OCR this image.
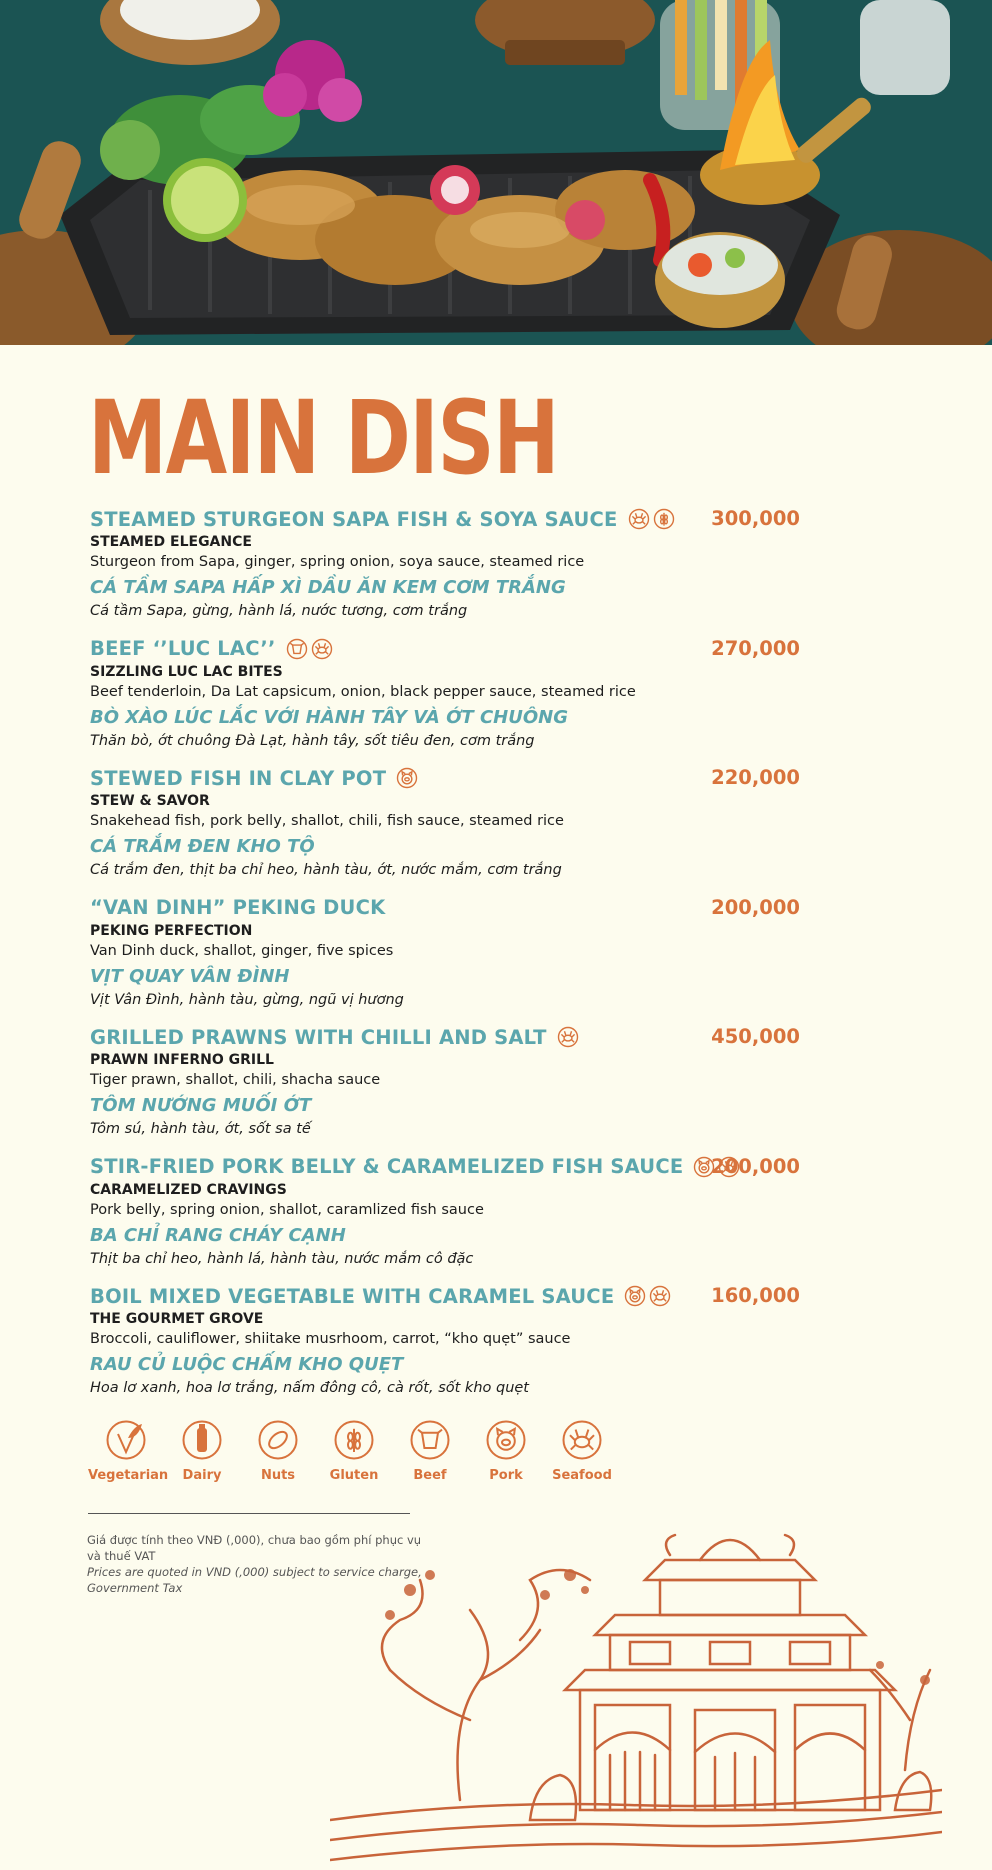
MAIN DISH
STEAMED STURGEON SAPA FISH & SOYA SAUCE	300,000
STEAMED ELEGANCE
Sturgeon from Sapa, ginger, spring onion, soya sauce, steamed rice
CÁ TẦM SAPA HẤP XÌ DẦU ĂN KEM CƠM TRẮNG
Cá tầm Sapa, gừng, hành lá, nước tương, cơm trắng
BEEF ‘’LUC LAC’’	270,000
SIZZLING LUC LAC BITES
Beef tenderloin, Da Lat capsicum, onion, black pepper sauce, steamed rice
BÒ XÀO LÚC LẮC VỚI HÀNH TÂY VÀ ỚT CHUÔNG
Thăn bò, ớt chuông Đà Lạt, hành tây, sốt tiêu đen, cơm trắng
STEWED FISH IN CLAY POT	220,000
STEW & SAVOR
Snakehead fish, pork belly, shallot, chili, fish sauce, steamed rice
CÁ TRẮM ĐEN KHO TỘ
Cá trắm đen, thịt ba chỉ heo, hành tàu, ớt, nước mắm, cơm trắng
“VAN DINH” PEKING DUCK	200,000
PEKING PERFECTION
Van Dinh duck, shallot, ginger, five spices
VỊT QUAY VÂN ĐÌNH
Vịt Vân Đình, hành tàu, gừng, ngũ vị hương
GRILLED PRAWNS WITH CHILLI AND SALT	450,000
PRAWN INFERNO GRILL
Tiger prawn, shallot, chili, shacha sauce
TÔM NƯỚNG MUỐI ỚT
Tôm sú, hành tàu, ớt, sốt sa tế
STIR-FRIED PORK BELLY & CARAMELIZED FISH SAUCE 200,000
CARAMELIZED CRAVINGS
Pork belly, spring onion, shallot, caramlized fish sauce
BA CHỈ RANG CHÁY CẠNH
Thịt ba chỉ heo, hành lá, hành tàu, nước mắm cô đặc
BOIL MIXED VEGETABLE WITH CARAMEL SAUCE	160,000
THE GOURMET GROVE
Broccoli, cauliflower, shiitake musrhoom, carrot, “kho quẹt” sauce
RAU CỦ LUỘC CHẤM KHO QUẸT
Hoa lơ xanh, hoa lơ trắng, nấm đông cô, cà rốt, sốt kho quẹt
Vegetarian	Dairy	Nuts	Gluten	Beef	Pork	Seafood
Giá được tính theo VNĐ (,000), chưa bao gồm phí phục vụ và thuế VAT
Prices are quoted in VND (,000) subject to service charge, Government Tax
